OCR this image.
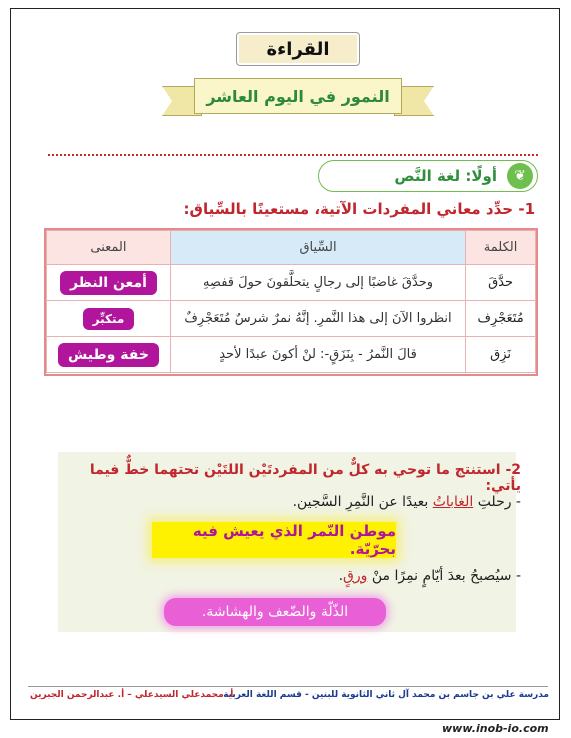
القراءة
النمور في اليوم العاشر
❦
أولًا: لغة النَّص
1- حدِّد معاني المفردات الآتية، مستعينًا بالسِّياق:
الكلمة	السِّياق	المعنى
حدَّقَ	وحدَّقَ غاضبًا إلى رجالٍ يتحلَّقونَ حولَ قفصِهِ	أمعن النظر
مُتَعَجْرِف	انظروا الآنَ إلى هذا النَّمرِ. إنَّهُ نمرٌ شرسٌ مُتَعَجْرِفٌ	متكبِّر
نَزِق	قالَ النَّمرُ - بِنَزَقٍ-: لنْ أكونَ عبدًا لأحدٍ	خفة وطيش
2- استنتج ما توحي به كلٌّ من المفردتَيْن اللتَيْن تحتهما خطٌّ فيما يأتي:
- رحلتِ الغاباتُ بعيدًا عن النَّمِرِ السَّجين.
موطن النّمر الذي يعيش فيه بحرّيّة.
- سيُصبحُ بعدَ أيّامٍ نمِرًا منْ ورقٍ.
الذّلّة والضّعف والهشاشة.
مدرسة علي بن جاسم بن محمد آل ثاني الثانوية للبنين - قسم اللغة العربية
أ. محمدعلي السيدعلي – أ. عبدالرحمن الجبرين
www.inob-io.com
